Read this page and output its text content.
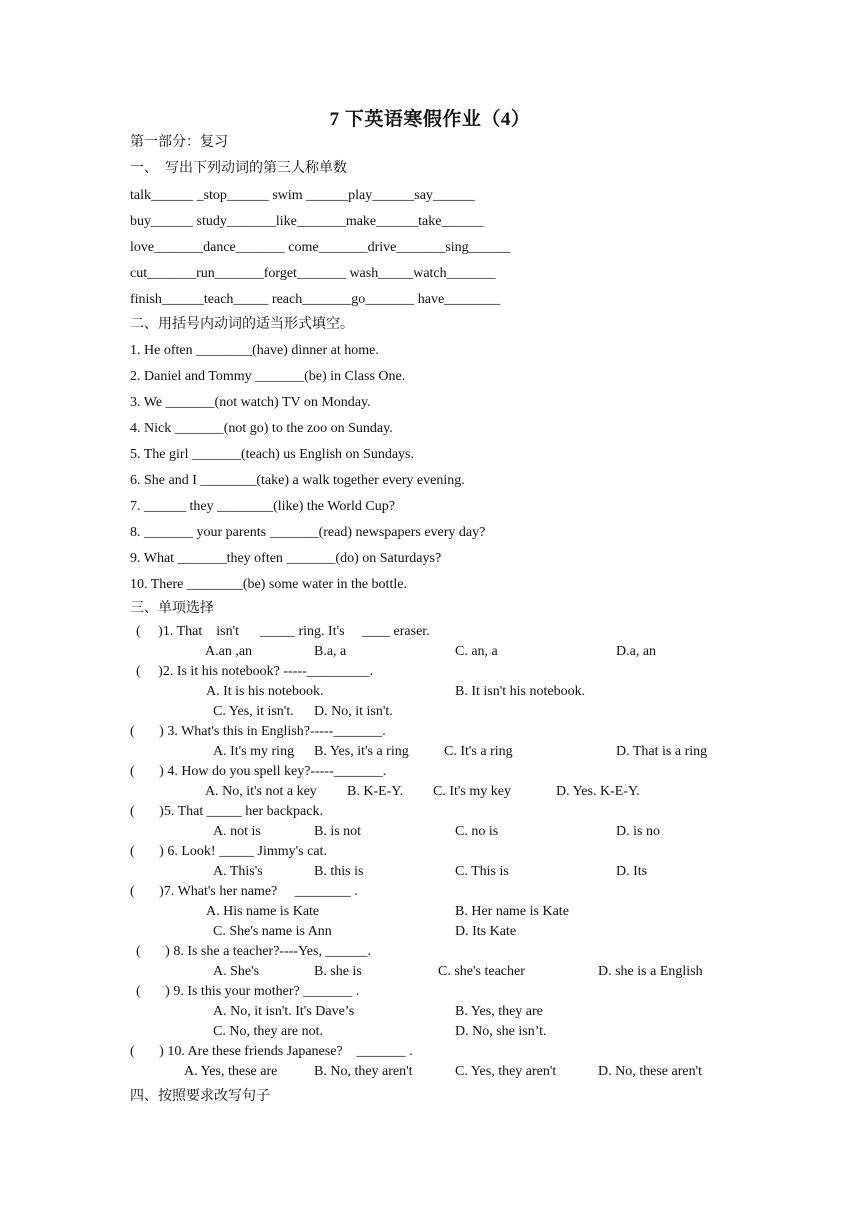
7 下英语寒假作业（4）
第一部分：复习
一、  写出下列动词的第三人称单数
talk______ _stop______ swim ______play______say______
buy______ study_______like_______make______take______
love_______dance_______ come_______drive_______sing______
cut_______run_______forget_______ wash_____watch_______
finish______teach_____ reach_______go_______ have________
二、用括号内动词的适当形式填空。
1. He often ________(have) dinner at home.
2. Daniel and Tommy _______(be) in Class One.
3. We _______(not watch) TV on Monday.
4. Nick _______(not go) to the zoo on Sunday.
5. The girl _______(teach) us English on Sundays.
6. She and I ________(take) a walk together every evening.
7. ______ they ________(like) the World Cup?
8. _______ your parents _______(read) newspapers every day?
9. What _______they often _______(do) on Saturdays?
10. There ________(be) some water in the bottle.
三、单项选择
(     )1. That    isn't      _____ ring. It's     ____ eraser.
A.an ,an	B.a, a	C. an, a	D.a, an
(     )2. Is it his notebook? -----_________.
A. It is his notebook.	B. It isn't his notebook.
C. Yes, it isn't. D. No, it isn't.
(       ) 3. What's this in English?-----_______.
A. It's my ring B. Yes, it's a ring	C. It's a ring	D. That is a ring
(       ) 4. How do you spell key?-----_______.
A. No, it's not a key B. K-E-Y. C. It's my key	D. Yes. K-E-Y.
(       )5. That _____ her backpack.
A. not is	B. is not	C. no is	D. is no
(       ) 6. Look! _____ Jimmy's cat.
A. This's	B. this is	C. This is	D. Its
(       )7. What's her name?     ________ .
A. His name is Kate	B. Her name is Kate
C. She's name is Ann	D. Its Kate
(       ) 8. Is she a teacher?----Yes, ______.
A. She's	B. she is	C. she's teacher	D. she is a English
(       ) 9. Is this your mother? _______ .
A. No, it isn't. It's Dave’s	B. Yes, they are
C. No, they are not.	D. No, she isn’t.
(       ) 10. Are these friends Japanese?    _______ .
A. Yes, these are	B. No, they aren't	C. Yes, they aren't	D. No, these aren't
四、按照要求改写句子
